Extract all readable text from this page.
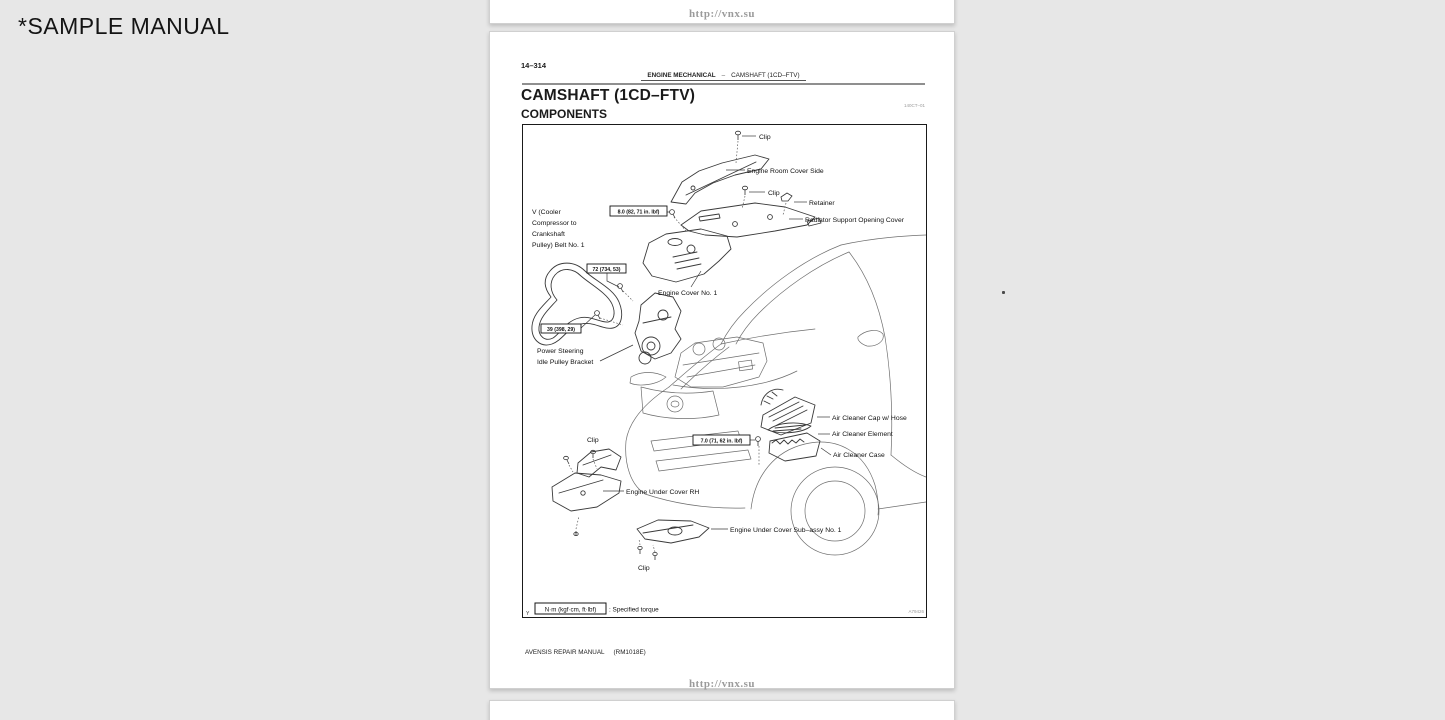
*SAMPLE MANUAL	http://vnx.su
14–314
ENGINE MECHANICAL – CAMSHAFT (1CD–FTV)
CAMSHAFT (1CD–FTV)
140CT–01
COMPONENTS
Clip
Engine Room Cover Side
Clip
Retainer
Radiator Support Opening Cover
V (Cooler
Compressor to
Crankshaft
Pulley) Belt No. 1
Engine Cover No. 1
Power Steering
Idle Pulley Bracket
Air Cleaner Cap w/ Hose
Air Cleaner Element
Air Cleaner Case
Clip
Engine Under Cover RH
Engine Under Cover Sub–assy No. 1
Clip
8.0 (82, 71 in. lbf)
72 (734, 53)
39 (398, 29)
7.0 (71, 62 in. lbf)
Y
N·m (kgf·cm, ft·lbf) : Specified torque	A79426
AVENSIS REPAIR MANUAL (RM1018E)
http://vnx.su
